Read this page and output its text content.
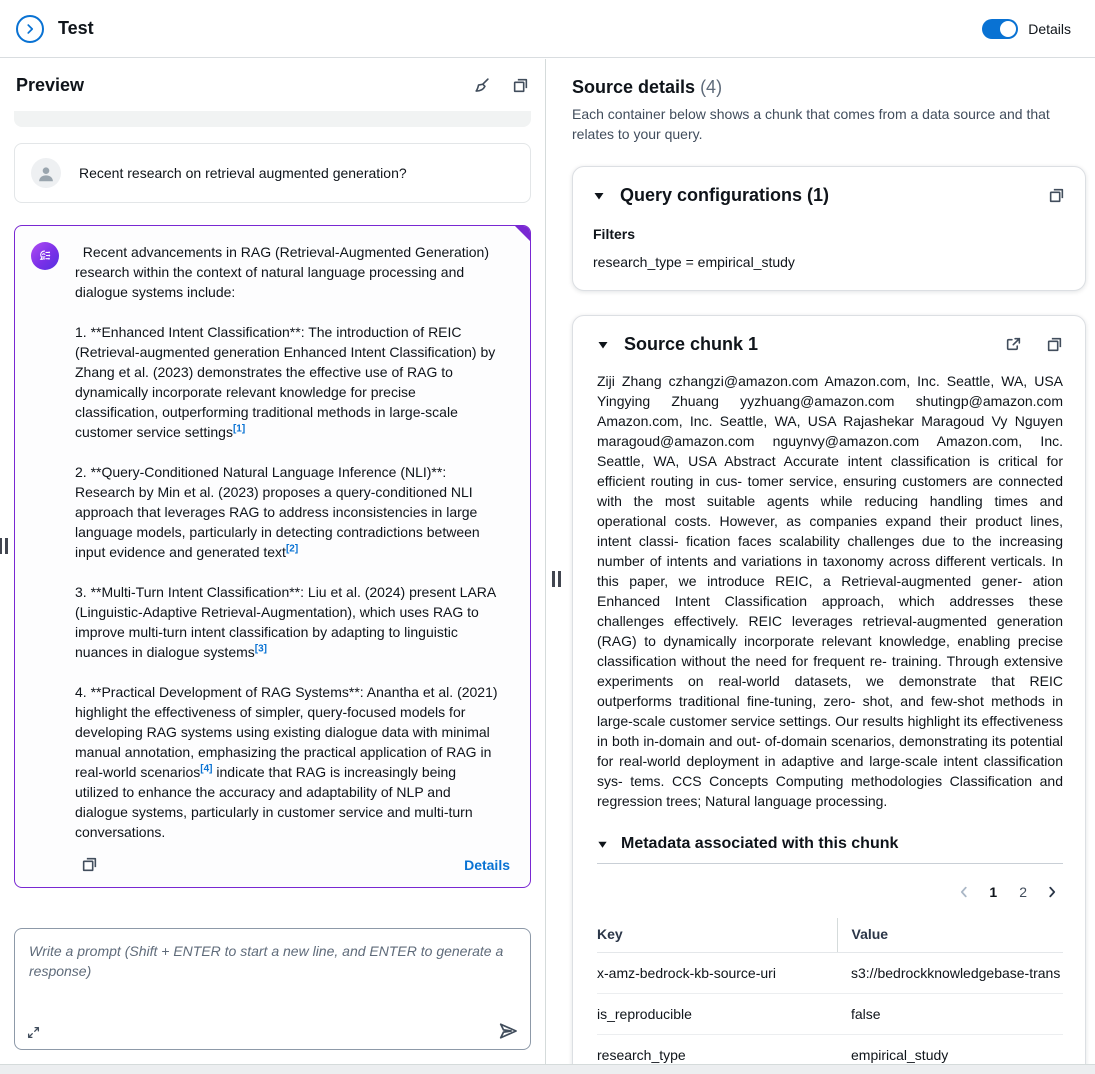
Test	Details
Preview
Recent research on retrieval augmented generation?

Recent advancements in RAG (Retrieval-Augmented Generation) research within the context of natural language processing and dialogue systems include:

1. **Enhanced Intent Classification**: The introduction of REIC (Retrieval-augmented generation Enhanced Intent Classification) by Zhang et al. (2023) demonstrates the effective use of RAG to dynamically incorporate relevant knowledge for precise classification, outperforming traditional methods in large-scale customer service settings[1]

2. **Query-Conditioned Natural Language Inference (NLI)**: Research by Min et al. (2023) proposes a query-conditioned NLI approach that leverages RAG to address inconsistencies in large language models, particularly in detecting contradictions between input evidence and generated text[2]

3. **Multi-Turn Intent Classification**: Liu et al. (2024) present LARA (Linguistic-Adaptive Retrieval-Augmentation), which uses RAG to improve multi-turn intent classification by adapting to linguistic nuances in dialogue systems[3]

4. **Practical Development of RAG Systems**: Anantha et al. (2021) highlight the effectiveness of simpler, query-focused models for developing RAG systems using existing dialogue data with minimal manual annotation, emphasizing the practical application of RAG in real-world scenarios[4] indicate that RAG is increasingly being utilized to enhance the accuracy and adaptability of NLP and dialogue systems, particularly in customer service and multi-turn conversations.

Details
Write a prompt (Shift + ENTER to start a new line, and ENTER to generate a response)
Source details (4)

Each container below shows a chunk that comes from a data source and that relates to your query.

Query configurations (1)
Filters
research_type = empirical_study
Source chunk 1

Ziji Zhang czhangzi@amazon.com Amazon.com, Inc. Seattle, WA, USA Yingying Zhuang yyzhuang@amazon.com shutingp@amazon.com Amazon.com, Inc. Seattle, WA, USA Rajashekar Maragoud Vy Nguyen maragoud@amazon.com nguynvy@amazon.com Amazon.com, Inc. Seattle, WA, USA Abstract Accurate intent classification is critical for efficient routing in cus- tomer service, ensuring customers are connected with the most suitable agents while reducing handling times and operational costs. However, as companies expand their product lines, intent classi- fication faces scalability challenges due to the increasing number of intents and variations in taxonomy across different verticals. In this paper, we introduce REIC, a Retrieval-augmented gener- ation Enhanced Intent Classification approach, which addresses these challenges effectively. REIC leverages retrieval-augmented generation (RAG) to dynamically incorporate relevant knowledge, enabling precise classification without the need for frequent re- training. Through extensive experiments on real-world datasets, we demonstrate that REIC outperforms traditional fine-tuning, zero- shot, and few-shot methods in large-scale customer service settings. Our results highlight its effectiveness in both in-domain and out- of-domain scenarios, demonstrating its potential for real-world deployment in adaptive and large-scale intent classification sys- tems. CCS Concepts Computing methodologies Classification and regression trees; Natural language processing.

Metadata associated with this chunk
1	2
Key	Value
x-amz-bedrock-kb-source-uri	s3://bedrockknowledgebase-trans
is_reproducible	false
research_type	empirical_study
